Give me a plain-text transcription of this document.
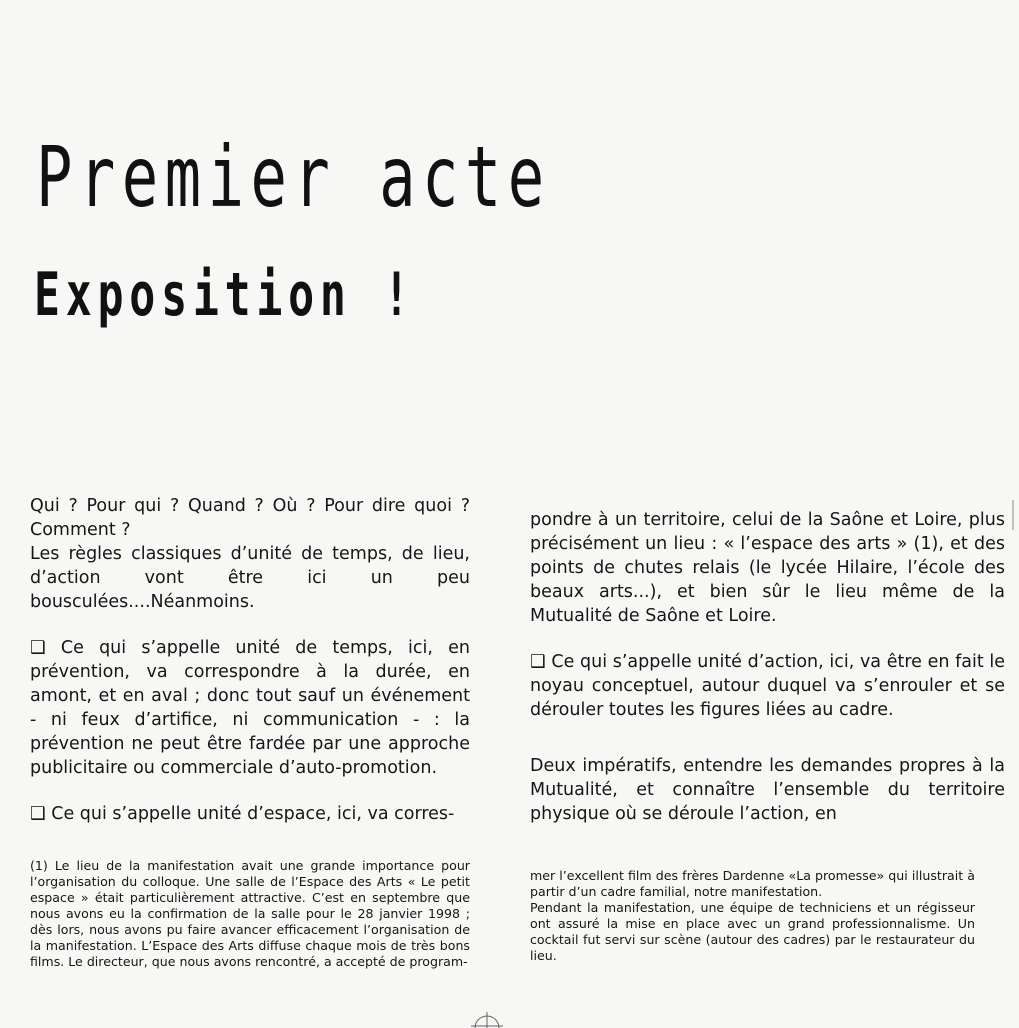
Premier acte
Exposition !

Qui ? Pour qui ? Quand ? Où ? Pour dire quoi ? Comment ?

Les règles classiques d’unité de temps, de lieu, d’action vont être ici un peu bousculées....Néanmoins.

❑ Ce qui s’appelle unité de temps, ici, en prévention, va correspondre à la durée, en amont, et en aval ; donc tout sauf un événement - ni feux d’artifice, ni communication - : la prévention ne peut être fardée par une approche publicitaire ou commerciale d’auto-promotion.

❑ Ce qui s’appelle unité d’espace, ici, va corres-

pondre à un territoire, celui de la Saône et Loire, plus précisément un lieu : « l’espace des arts » (1), et des points de chutes relais (le lycée Hilaire, l’école des beaux arts...), et bien sûr le lieu même de la Mutualité de Saône et Loire.

❑ Ce qui s’appelle unité d’action, ici, va être en fait le noyau conceptuel, autour duquel va s’enrouler et se dérouler toutes les figures liées au cadre.

Deux impératifs, entendre les demandes propres à la Mutualité, et connaître l’ensemble du territoire physique où se déroule l’action, en

(1) Le lieu de la manifestation avait une grande importance pour l’organisation du colloque. Une salle de l’Espace des Arts « Le petit espace » était particulièrement attractive. C’est en septembre que nous avons eu la confirmation de la salle pour le 28 janvier 1998 ; dès lors, nous avons pu faire avancer efficacement l’organisation de la manifestation. L’Espace des Arts diffuse chaque mois de très bons films. Le directeur, que nous avons rencontré, a accepté de program-

mer l’excellent film des frères Dardenne «La promesse» qui illustrait à partir d’un cadre familial, notre manifestation.

Pendant la manifestation, une équipe de techniciens et un régisseur ont assuré la mise en place avec un grand professionnalisme. Un cocktail fut servi sur scène (autour des cadres) par le restaurateur du lieu.
